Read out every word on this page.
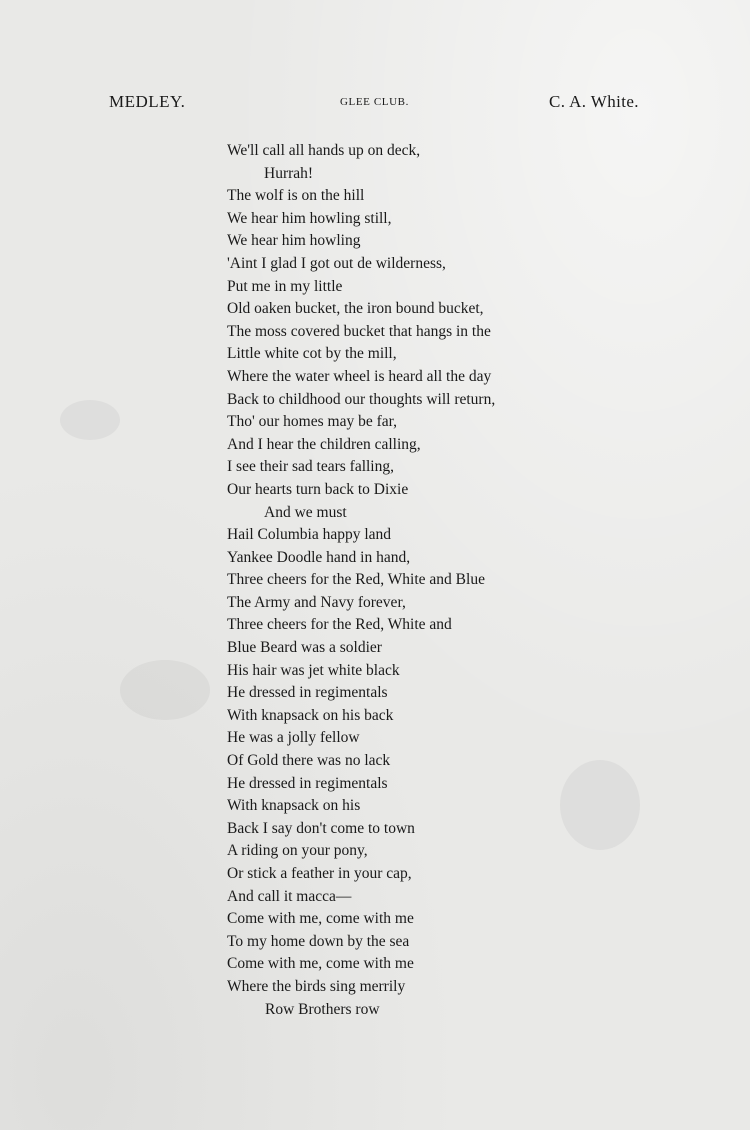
MEDLEY.	GLEE CLUB.	C. A. White.
We'll call all hands up on deck,
Hurrah!
The wolf is on the hill
We hear him howling still,
We hear him howling
'Aint I glad I got out de wilderness,
Put me in my little
Old oaken bucket, the iron bound bucket,
The moss covered bucket that hangs in the
Little white cot by the mill,
Where the water wheel is heard all the day
Back to childhood our thoughts will return,
Tho' our homes may be far,
And I hear the children calling,
I see their sad tears falling,
Our hearts turn back to Dixie
And we must
Hail Columbia happy land
Yankee Doodle hand in hand,
Three cheers for the Red, White and Blue
The Army and Navy forever,
Three cheers for the Red, White and
Blue Beard was a soldier
His hair was jet white black
He dressed in regimentals
With knapsack on his back
He was a jolly fellow
Of Gold there was no lack
He dressed in regimentals
With knapsack on his
Back I say don't come to town
A riding on your pony,
Or stick a feather in your cap,
And call it macca—
Come with me, come with me
To my home down by the sea
Come with me, come with me
Where the birds sing merrily
Row Brothers row
